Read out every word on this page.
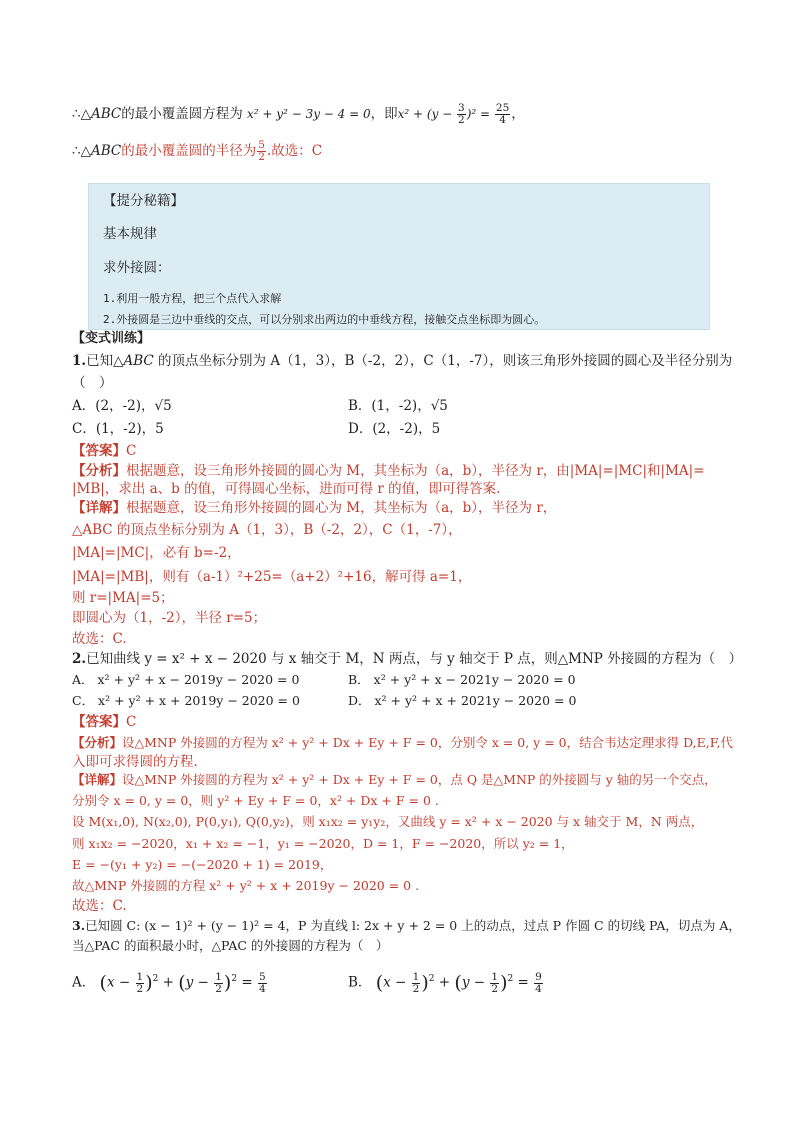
∴△ABC的最小覆盖圆方程为 x² + y² − 3y − 4 = 0，即$x^2 + (y - \frac{3}{2} )^2 = \frac{25}{4}$ ，
∴△ABC的最小覆盖圆的半径为 $\frac{5}{2}$ .故选：C
【提分秘籍】
基本规律
求外接圆：
1.利用一般方程，把三个点代入求解
2.外接圆是三边中垂线的交点，可以分别求出两边的中垂线方程，接触交点坐标即为圆心。
【变式训练】
1.已知△ABC 的顶点坐标分别为 A（1，3），B（-2，2），C（1，-7），则该三角形外接圆的圆心及半径分别为
（　）
A．(2，-2)，√5	B．(1，-2)，√5
C．(1，-2)，5	D．(2，-2)，5
【答案】C
【分析】根据题意，设三角形外接圆的圆心为 M，其坐标为（a，b），半径为 r，由|MA|=|MC|和|MA|=
|MB|，求出 a、b 的值，可得圆心坐标，进而可得 r 的值，即可得答案.
【详解】根据题意，设三角形外接圆的圆心为 M，其坐标为（a，b），半径为 r，
△ABC 的顶点坐标分别为 A（1，3），B（-2，2），C（1，-7），
|MA|=|MC|，必有 b=-2，
|MA|=|MB|，则有（a-1）²+25=（a+2）²+16，解可得 a=1，
则 r=|MA|=5；
即圆心为（1，-2），半径 r=5；
故选：C.
2.已知曲线 y = x² + x − 2020 与 x 轴交于 M，N 两点，与 y 轴交于 P 点，则△MNP 外接圆的方程为（　）
A． x² + y² + x − 2019y − 2020 = 0	B． x² + y² + x − 2021y − 2020 = 0
C． x² + y² + x + 2019y − 2020 = 0	D． x² + y² + x + 2021y − 2020 = 0
【答案】C
【分析】设△MNP 外接圆的方程为 x² + y² + Dx + Ey + F = 0，分别令 x = 0, y = 0，结合韦达定理求得 D,E,F,代
入即可求得圆的方程.
【详解】设△MNP 外接圆的方程为 x² + y² + Dx + Ey + F = 0，点 Q 是△MNP 的外接圆与 y 轴的另一个交点，
分别令 x = 0, y = 0，则 y² + Ey + F = 0，x² + Dx + F = 0 .
设 M(x₁,0), N(x₂,0), P(0,y₁), Q(0,y₂)，则 x₁x₂ = y₁y₂，又曲线 y = x² + x − 2020 与 x 轴交于 M，N 两点，
则 x₁x₂ = −2020，x₁ + x₂ = −1，y₁ = −2020，D = 1，F = −2020，所以 y₂ = 1，
E = −(y₁ + y₂) = −(−2020 + 1) = 2019，
故△MNP 外接圆的方程 x² + y² + x + 2019y − 2020 = 0 .
故选：C.
3.已知圆 C: (x − 1)² + (y − 1)² = 4，P 为直线 l: 2x + y + 2 = 0 上的动点，过点 P 作圆 C 的切线 PA，切点为 A，
当△PAC 的面积最小时，△PAC 的外接圆的方程为（　）
A． $(x - \frac{1}{2} )^2 + (y - \frac{1}{2} )^2 = \frac{5}{4}$	B． $(x - \frac{1}{2} )^2 + (y - \frac{1}{2} )^2 = \frac{9}{4}$
